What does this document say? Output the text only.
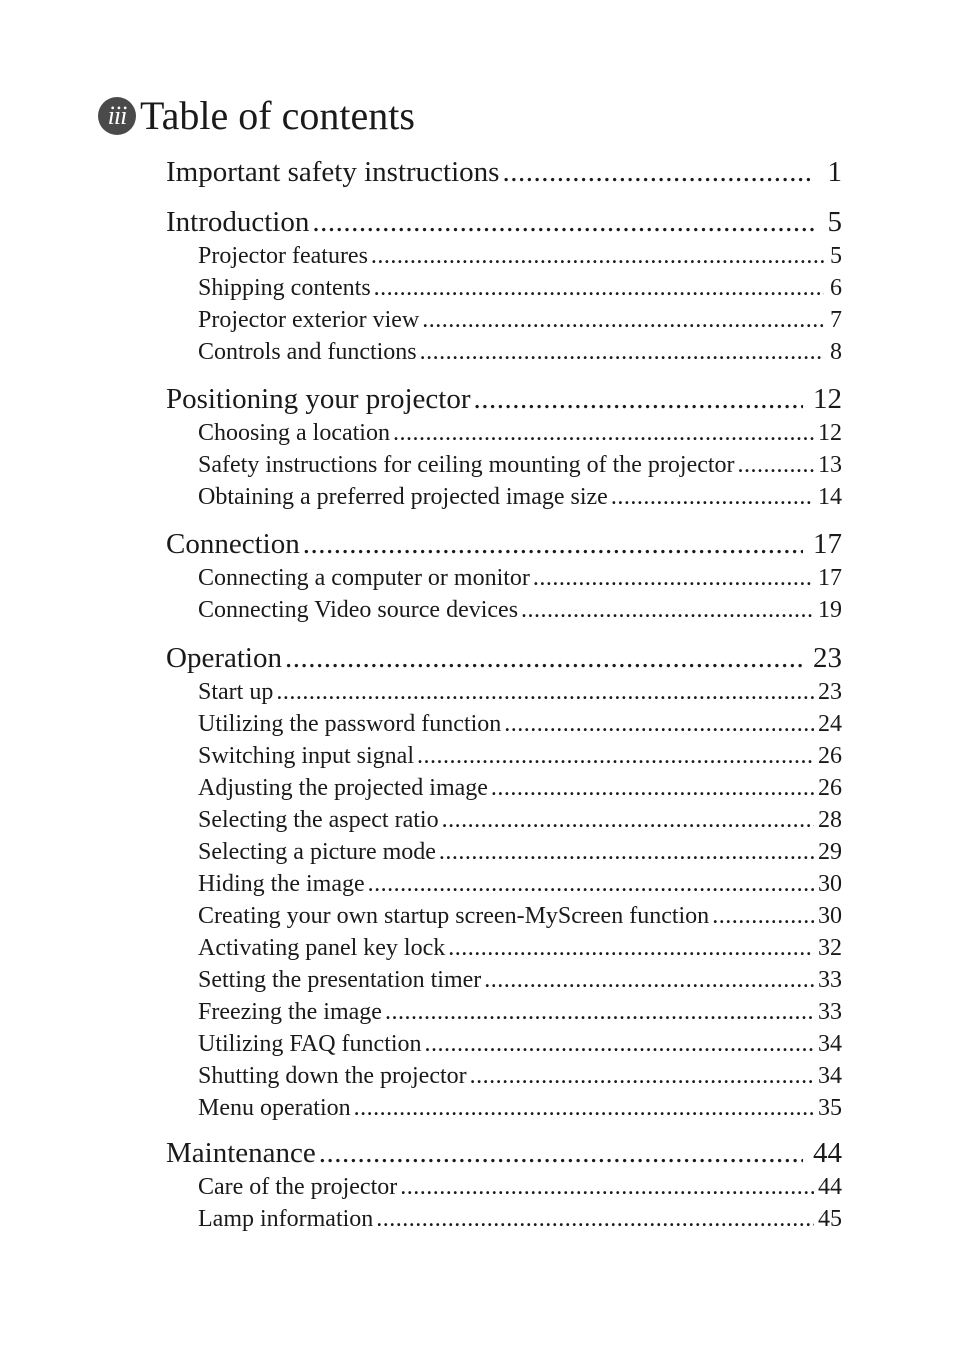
iii Table of contents
Important safety instructions .....	1
Introduction .....	5
Projector features .....	5
Shipping contents .....	6
Projector exterior view .....	7
Controls and functions .....	8
Positioning your projector .....	12
Choosing a location .....	12
Safety instructions for ceiling mounting of the projector .....	13
Obtaining a preferred projected image size .....	14
Connection .....	17
Connecting a computer or monitor .....	17
Connecting Video source devices .....	19
Operation .....	23
Start up .....	23
Utilizing the password function .....	24
Switching input signal .....	26
Adjusting the projected image .....	26
Selecting the aspect ratio .....	28
Selecting a picture mode .....	29
Hiding the image .....	30
Creating your own startup screen-MyScreen function .....	30
Activating panel key lock .....	32
Setting the presentation timer .....	33
Freezing the image .....	33
Utilizing FAQ function .....	34
Shutting down the projector .....	34
Menu operation .....	35
Maintenance .....	44
Care of the projector .....	44
Lamp information .....	45
